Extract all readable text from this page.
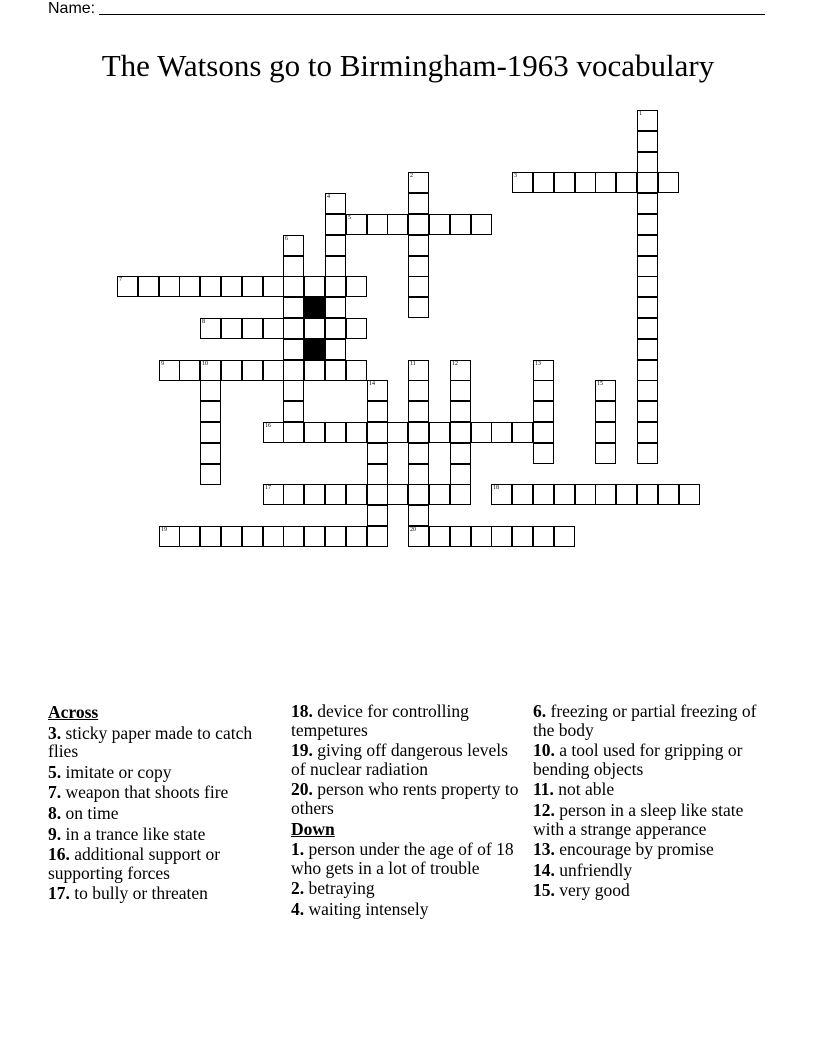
Name:
The Watsons go to Birmingham-1963 vocabulary
3
5
7
8
9	10
16
17	18
19	20
1
2
4
6
11	12	13
14	15
Across
3. sticky paper made to catch flies
5. imitate or copy
7. weapon that shoots fire
8. on time
9. in a trance like state
16. additional support or supporting forces
17. to bully or threaten
18. device for controlling tempetures
19. giving off dangerous levels of nuclear radiation
20. person who rents property to others
Down
1. person under the age of of 18 who gets in a lot of trouble
2. betraying
4. waiting intensely
6. freezing or partial freezing of the body
10. a tool used for gripping or bending objects
11. not able
12. person in a sleep like state with a strange apperance
13. encourage by promise
14. unfriendly
15. very good
